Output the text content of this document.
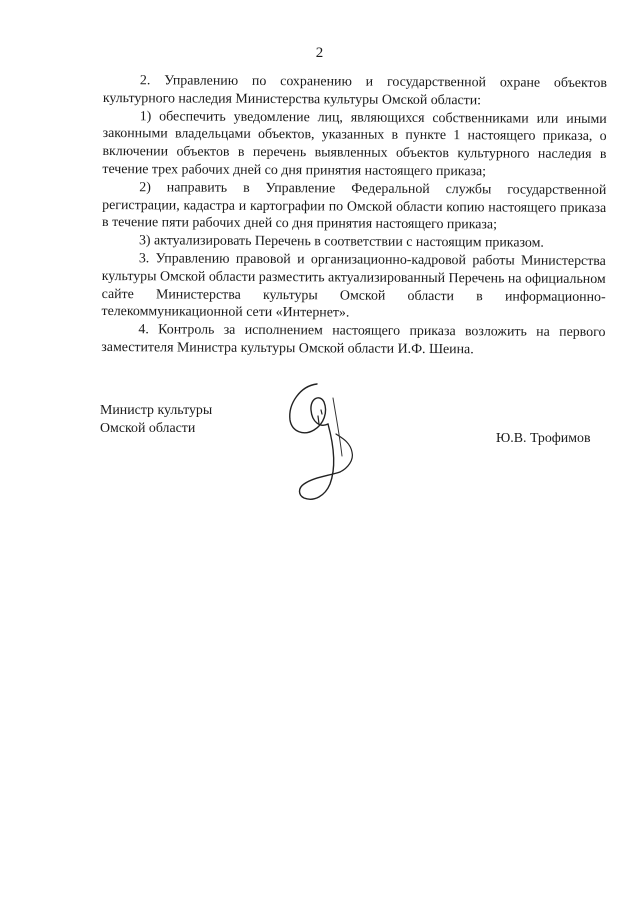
2

2. Управлению по сохранению и государственной охране объектов культурного наследия Министерства культуры Омской области:

1) обеспечить уведомление лиц, являющихся собственниками или иными законными владельцами объектов, указанных в пункте 1 настоящего приказа, о включении объектов в перечень выявленных объектов культурного наследия в течение трех рабочих дней со дня принятия настоящего приказа;

2) направить в Управление Федеральной службы государственной регистрации, кадастра и картографии по Омской области копию настоящего приказа в течение пяти рабочих дней со дня принятия настоящего приказа;

3) актуализировать Перечень в соответствии с настоящим приказом.

3. Управлению правовой и организационно-кадровой работы Министерства культуры Омской области разместить актуализированный Перечень на официальном сайте Министерства культуры Омской области в информационно-телекоммуникационной сети «Интернет».

4. Контроль за исполнением настоящего приказа возложить на первого заместителя Министра культуры Омской области И.Ф. Шеина.

Министр культуры
Омской области
Ю.В. Трофимов
